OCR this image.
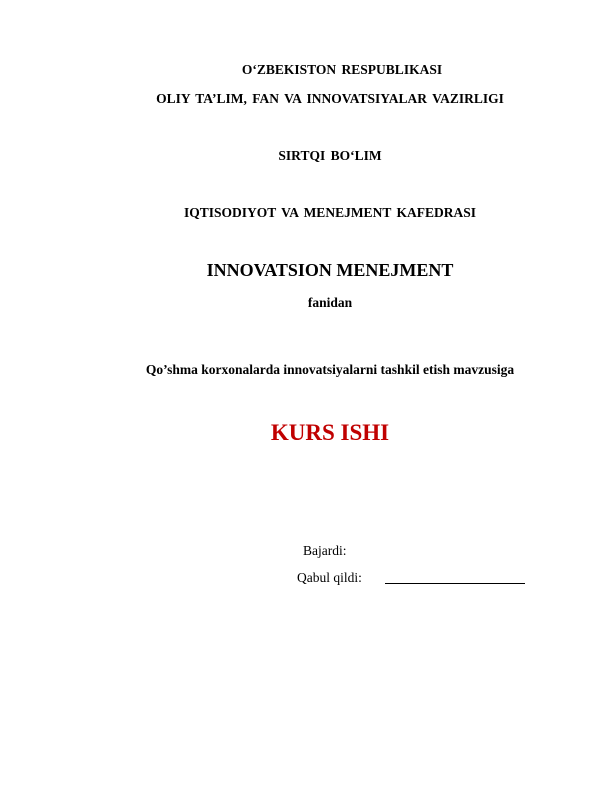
O‘ZBEKISTON RESPUBLIKASI
OLIY TA’LIM, FAN VA INNOVATSIYALAR VAZIRLIGI
SIRTQI BO‘LIM
IQTISODIYOT VA MENEJMENT KAFEDRASI
INNOVATSION MENEJMENT
fanidan
Qo’shma korxonalarda innovatsiyalarni tashkil etish mavzusiga
KURS ISHI
Bajardi:
Qabul qildi:
